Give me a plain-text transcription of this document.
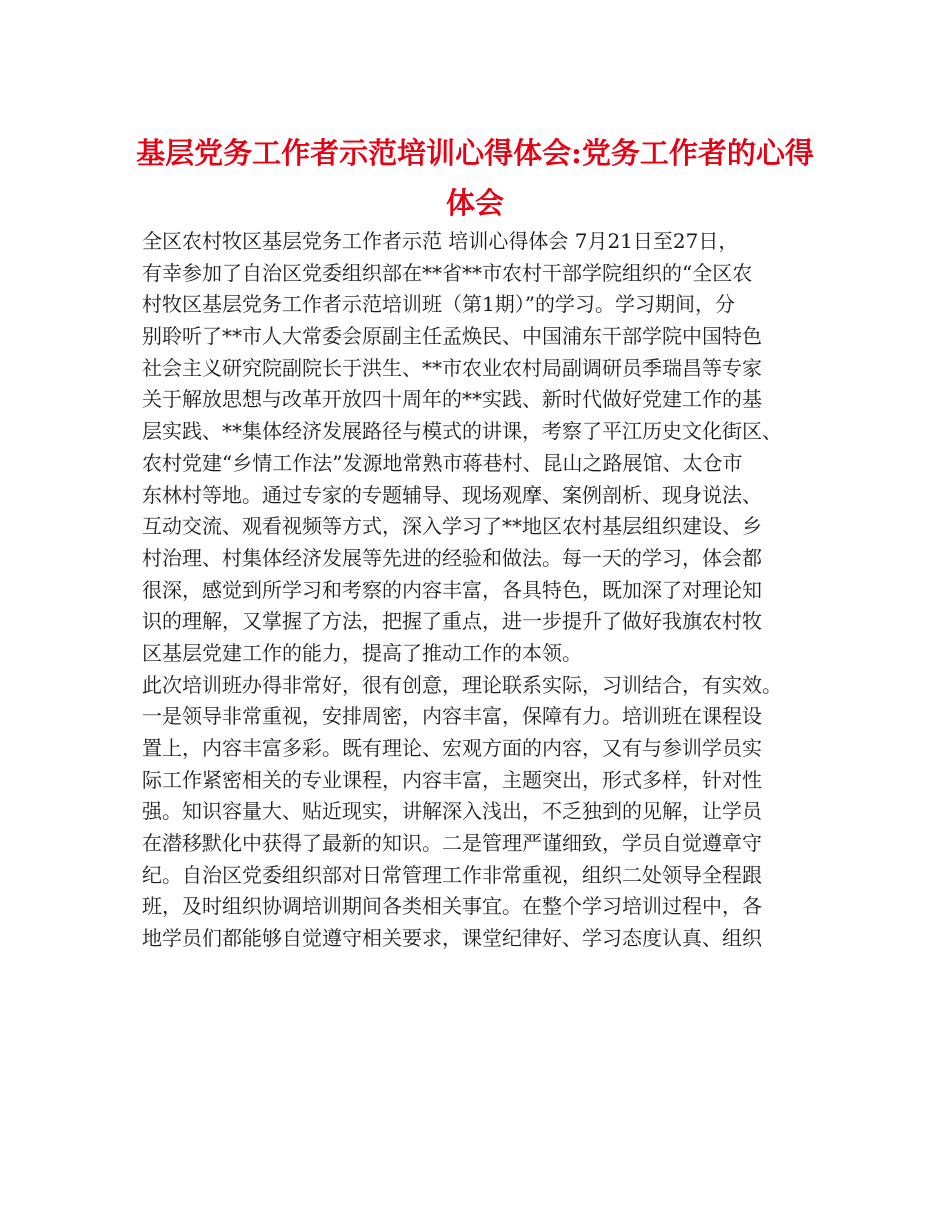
基层党务工作者示范培训心得体会:党务工作者的心得
体会
全区农村牧区基层党务工作者示范 培训心得体会 7月21日至27日，
有幸参加了自治区党委组织部在**省**市农村干部学院组织的“全区农
村牧区基层党务工作者示范培训班（第1期）”的学习。学习期间，分
别聆听了**市人大常委会原副主任孟焕民、中国浦东干部学院中国特色
社会主义研究院副院长于洪生、**市农业农村局副调研员季瑞昌等专家
关于解放思想与改革开放四十周年的**实践、新时代做好党建工作的基
层实践、**集体经济发展路径与模式的讲课，考察了平江历史文化街区、
农村党建“乡情工作法”发源地常熟市蒋巷村、昆山之路展馆、太仓市
东林村等地。通过专家的专题辅导、现场观摩、案例剖析、现身说法、
互动交流、观看视频等方式，深入学习了**地区农村基层组织建设、乡
村治理、村集体经济发展等先进的经验和做法。每一天的学习，体会都
很深，感觉到所学习和考察的内容丰富，各具特色，既加深了对理论知
识的理解，又掌握了方法，把握了重点，进一步提升了做好我旗农村牧
区基层党建工作的能力，提高了推动工作的本领。
此次培训班办得非常好，很有创意，理论联系实际，习训结合，有实效。
一是领导非常重视，安排周密，内容丰富，保障有力。培训班在课程设
置上，内容丰富多彩。既有理论、宏观方面的内容，又有与参训学员实
际工作紧密相关的专业课程，内容丰富，主题突出，形式多样，针对性
强。知识容量大、贴近现实，讲解深入浅出，不乏独到的见解，让学员
在潜移默化中获得了最新的知识。二是管理严谨细致，学员自觉遵章守
纪。自治区党委组织部对日常管理工作非常重视，组织二处领导全程跟
班，及时组织协调培训期间各类相关事宜。在整个学习培训过程中，各
地学员们都能够自觉遵守相关要求，课堂纪律好、学习态度认真、组织
